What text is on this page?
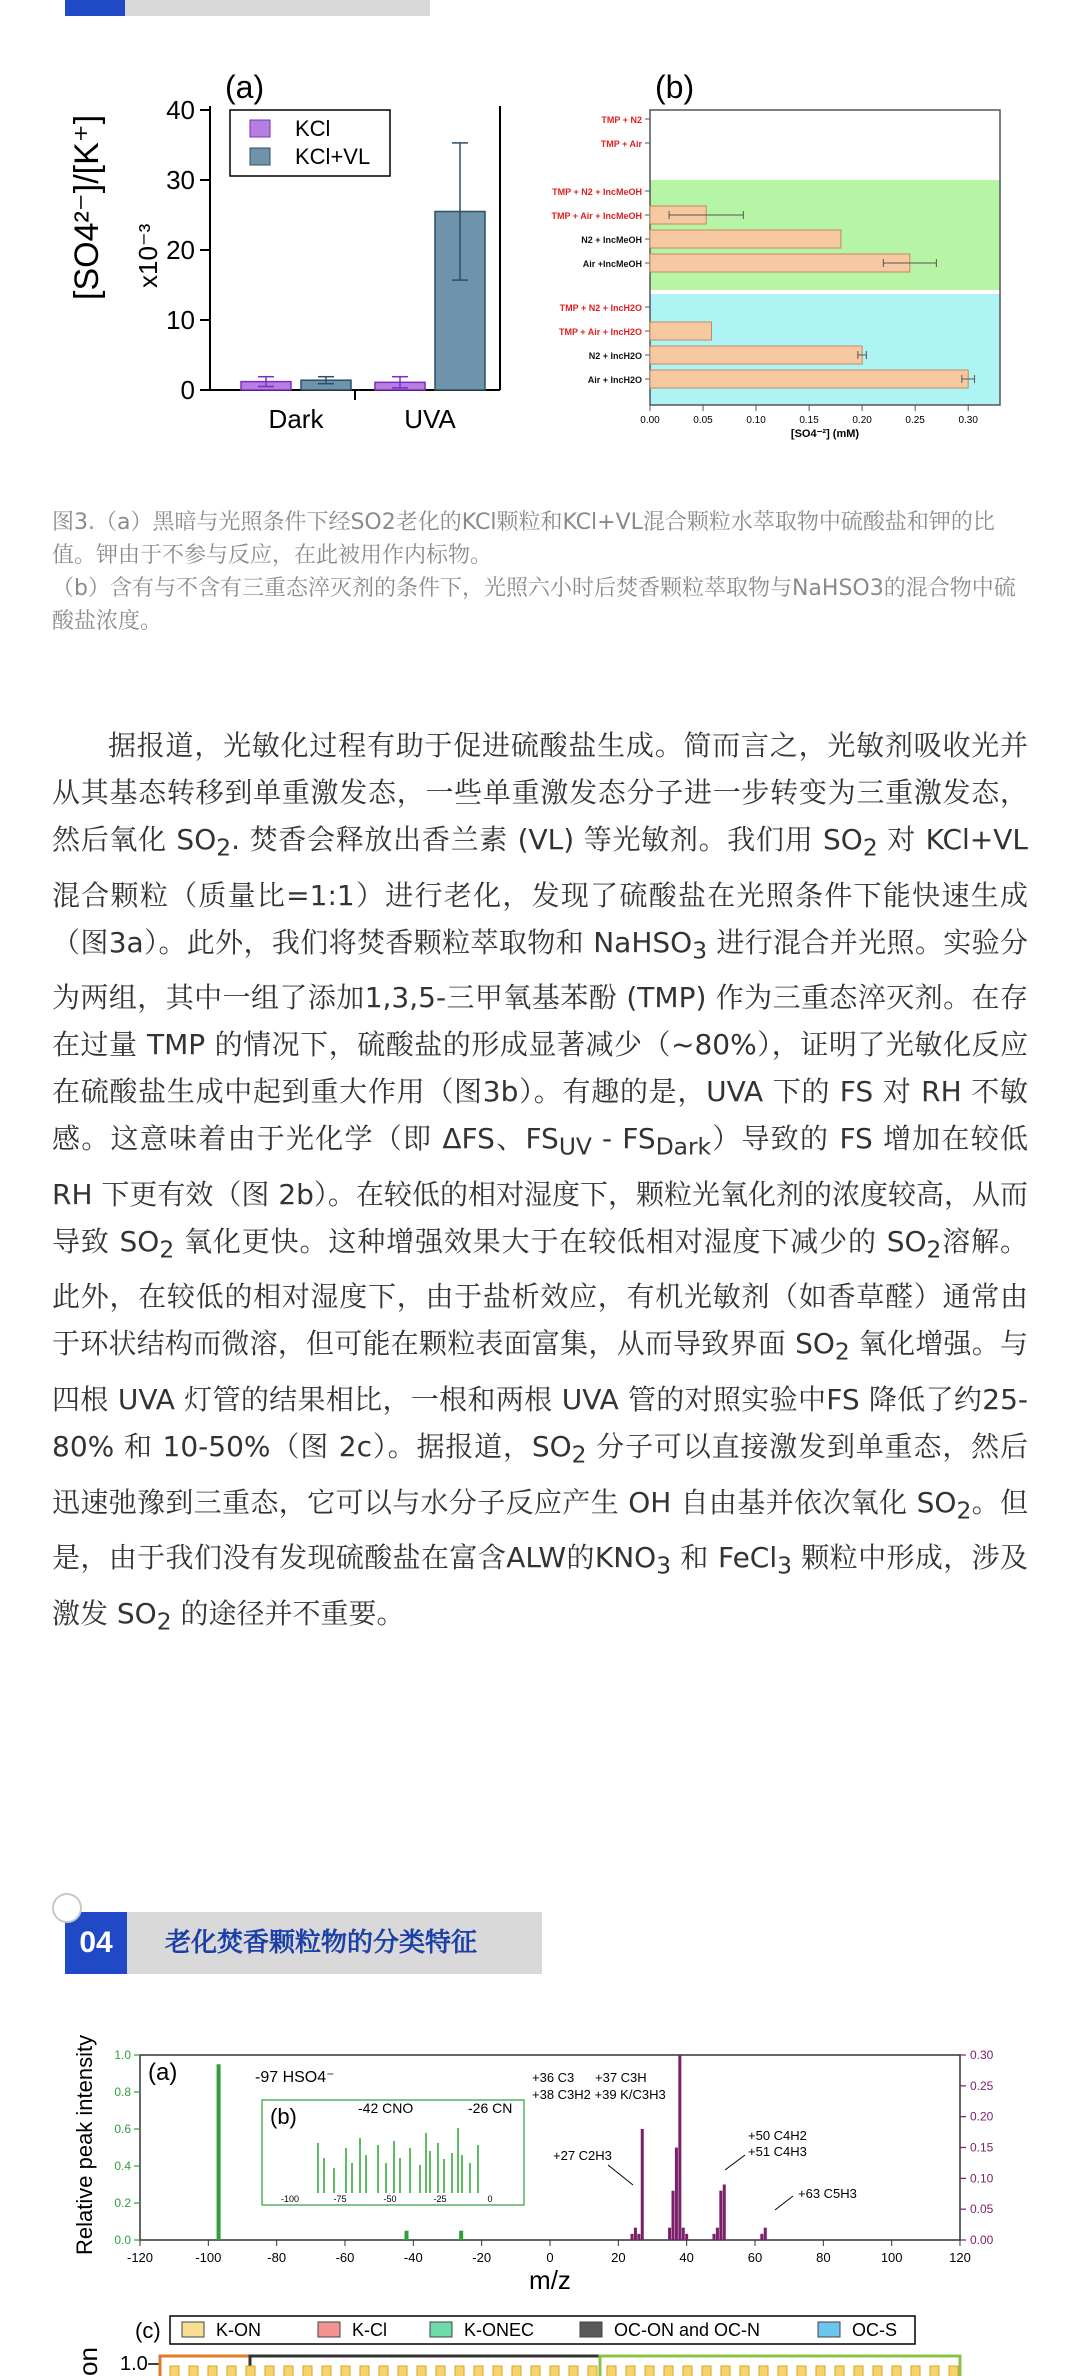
(a)
[SO4²⁻]/[K⁺] x10⁻³
0
10
20
30
40
Dark	UVA
KCl
KCl+VL
(b)
TMP + N2
TMP + Air
TMP + N2 + IncMeOH
TMP + Air + IncMeOH
N2 + IncMeOH
Air +IncMeOH
TMP + N2 + IncH2O
TMP + Air + IncH2O
N2 + IncH2O
Air + IncH2O
0.00	0.05	0.10	0.15	0.20	0.25	0.30
[SO4⁻²] (mM)

图3.（a）黑暗与光照条件下经SO2老化的KCl颗粒和KCl+VL混合颗粒水萃取物中硫酸盐和钾的比值。钾由于不参与反应，在此被用作内标物。

（b）含有与不含有三重态淬灭剂的条件下，光照六小时后焚香颗粒萃取物与NaHSO3的混合物中硫酸盐浓度。

据报道，光敏化过程有助于促进硫酸盐生成。简而言之，光敏剂吸收光并从其基态转移到单重激发态，一些单重激发态分子进一步转变为三重激发态，然后氧化 $SO_2$. 焚香会释放出香兰素 (VL) 等光敏剂。我们用 $SO_2$ 对 KCl+VL 混合颗粒（质量比=1:1）进行老化，发现了硫酸盐在光照条件下能快速生成（图3a）。此外，我们将焚香颗粒萃取物和 NaHSO$_3$ 进行混合并光照。实验分为两组，其中一组了添加1,3,5-三甲氧基苯酚 (TMP) 作为三重态淬灭剂。在存在过量 TMP 的情况下，硫酸盐的形成显著减少（~80%），证明了光敏化反应在硫酸盐生成中起到重大作用（图3b）。有趣的是，UVA 下的 FS 对 RH 不敏感。这意味着由于光化学（即 ΔFS、$FS_{UV} - FS_{Dark}$）导致的 FS 增加在较低 RH 下更有效（图 2b）。在较低的相对湿度下，颗粒光氧化剂的浓度较高，从而导致 $SO_2$ 氧化更快。这种增强效果大于在较低相对湿度下减少的 $SO_2$溶解。此外，在较低的相对湿度下，由于盐析效应，有机光敏剂（如香草醛）通常由于环状结构而微溶，但可能在颗粒表面富集，从而导致界面 $SO_2$ 氧化增强。与四根 UVA 灯管的结果相比，一根和两根 UVA 管的对照实验中FS 降低了约25-80% 和 10-50%（图 2c）。据报道，$SO_2$ 分子可以直接激发到单重态，然后迅速弛豫到三重态，它可以与水分子反应产生 OH 自由基并依次氧化 $SO_2$。但是，由于我们没有发现硫酸盐在富含ALW的$KNO_3$ 和 FeCl$_3$ 颗粒中形成，涉及激发 $SO_2$ 的途径并不重要。

04	老化焚香颗粒物的分类特征
Relative peak intensity (a)
0.0
0.2
0.4
0.6
0.8
1.0
0.00
0.05
0.10
0.15
0.20
0.25
0.30
-120	-100	-80	-60	-40	-20	0	20	40	60	80	100	120
m/z
-97 HSO4⁻	+36 C3 +37 C3H
+38 C3H2 +39 K/C3H3
+27 C2H3
+50 C4H2
+51 C4H3
+63 C5H3
(b)	-42 CNO	-26 CN
-100	-75	-50	-25	0
on
(c)	K-ON	K-Cl	K-ONEC	OC-ON and OC-N	OC-S
1.0
